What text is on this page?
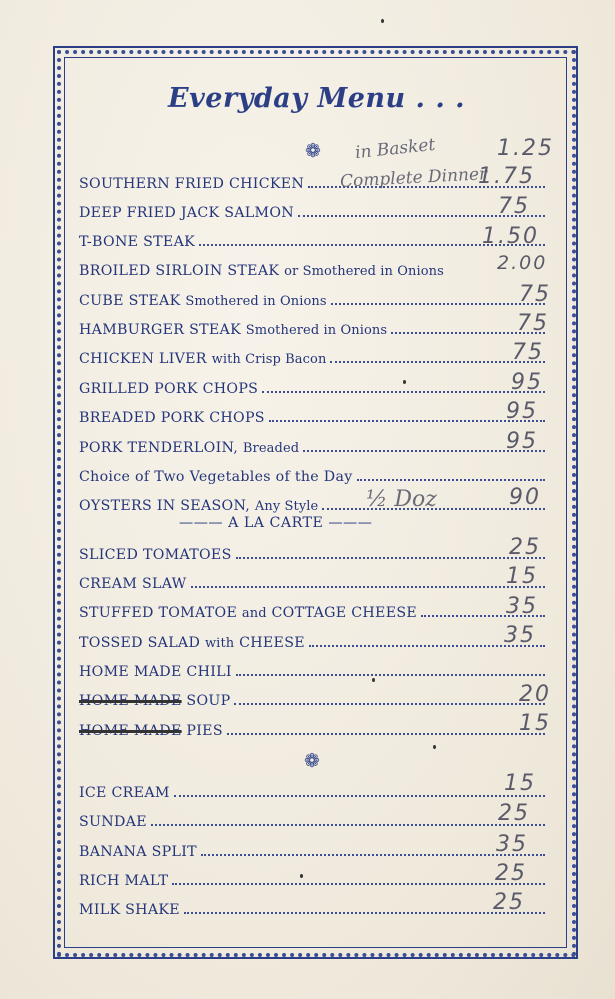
Everyday Menu . . .
❁
❁
SOUTHERN FRIED CHICKEN
DEEP FRIED JACK SALMON
T-BONE STEAK
BROILED SIRLOIN STEAK or Smothered in Onions
CUBE STEAK Smothered in Onions
HAMBURGER STEAK Smothered in Onions
CHICKEN LIVER with Crisp Bacon
GRILLED PORK CHOPS
BREADED PORK CHOPS
PORK TENDERLOIN, Breaded
Choice of Two Vegetables of the Day
OYSTERS IN SEASON, Any Style
——— A LA CARTE ———
SLICED TOMATOES
CREAM SLAW
STUFFED TOMATOE and COTTAGE CHEESE
TOSSED SALAD with CHEESE
HOME MADE CHILI
HOME MADE SOUP
HOME MADE PIES
ICE CREAM
SUNDAE
BANANA SPLIT
RICH MALT
MILK SHAKE
in Basket	1.25
Complete Dinner
1.75
75
1.50
2.00
75
75
75
95
95
95
½ Doz	90
25
15
35
35
20
15
15
25
35
25
25
